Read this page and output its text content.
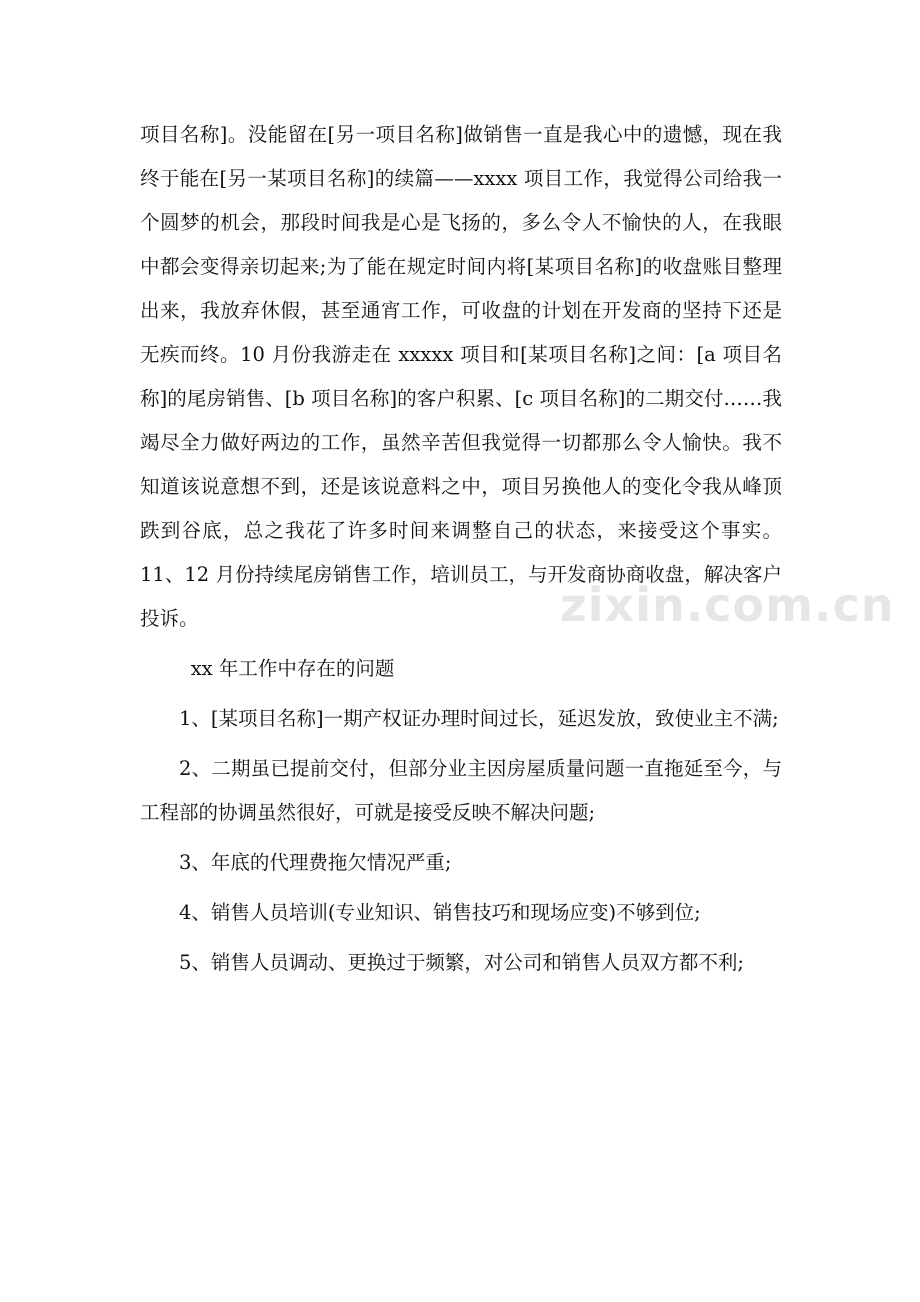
项目名称]。没能留在[另一项目名称]做销售一直是我心中的遗憾，现在我终于能在[另一某项目名称]的续篇——xxxx 项目工作，我觉得公司给我一个圆梦的机会，那段时间我是心是飞扬的，多么令人不愉快的人，在我眼中都会变得亲切起来;为了能在规定时间内将[某项目名称]的收盘账目整理出来，我放弃休假，甚至通宵工作，可收盘的计划在开发商的坚持下还是无疾而终。10 月份我游走在 xxxxx 项目和[某项目名称]之间：[a 项目名称]的尾房销售、[b 项目名称]的客户积累、[c 项目名称]的二期交付……我竭尽全力做好两边的工作，虽然辛苦但我觉得一切都那么令人愉快。我不知道该说意想不到，还是该说意料之中，项目另换他人的变化令我从峰顶跌到谷底，总之我花了许多时间来调整自己的状态，来接受这个事实。11、12 月份持续尾房销售工作，培训员工，与开发商协商收盘，解决客户投诉。

xx 年工作中存在的问题

1、[某项目名称]一期产权证办理时间过长，延迟发放，致使业主不满;

2、二期虽已提前交付，但部分业主因房屋质量问题一直拖延至今，与工程部的协调虽然很好，可就是接受反映不解决问题;

3、年底的代理费拖欠情况严重;

4、销售人员培训(专业知识、销售技巧和现场应变)不够到位;

5、销售人员调动、更换过于频繁，对公司和销售人员双方都不利;

zixin.com.cn
